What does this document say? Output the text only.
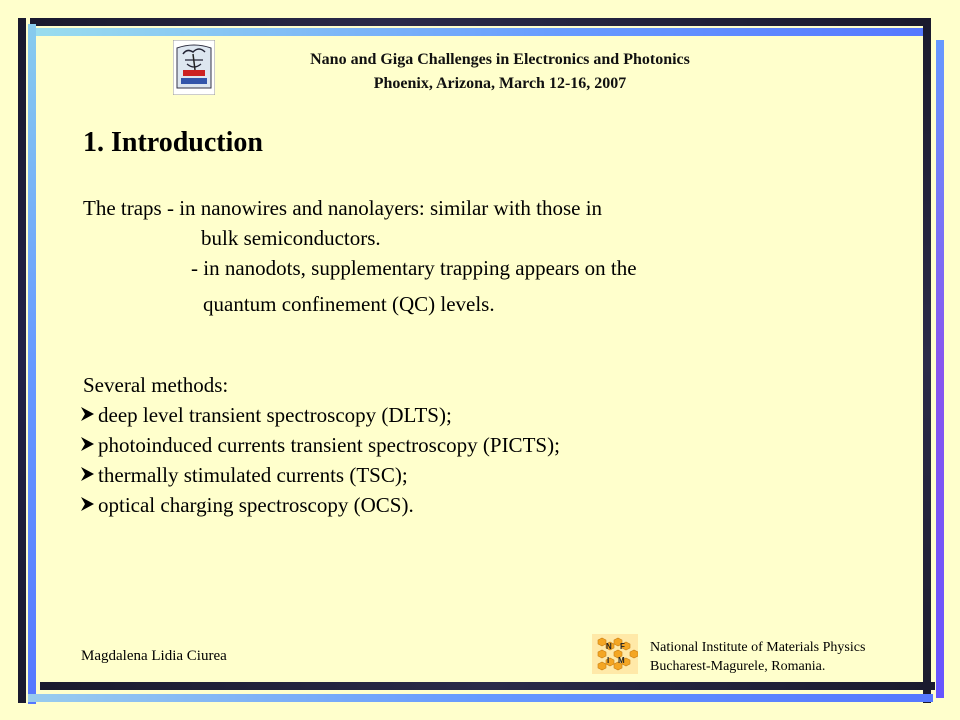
Nano and Giga Challenges in Electronics and Photonics
Phoenix, Arizona, March 12-16, 2007
1. Introduction
The traps - in nanowires and nanolayers: similar with those in
bulk semiconductors.
- in nanodots, supplementary trapping appears on the
quantum confinement (QC) levels.
Several methods:
deep level transient spectroscopy (DLTS);
photoinduced currents transient spectroscopy (PICTS);
thermally stimulated currents (TSC);
optical charging spectroscopy (OCS).
Magdalena Lidia Ciurea
N F
I M
National Institute of Materials Physics
Bucharest-Magurele, Romania.
